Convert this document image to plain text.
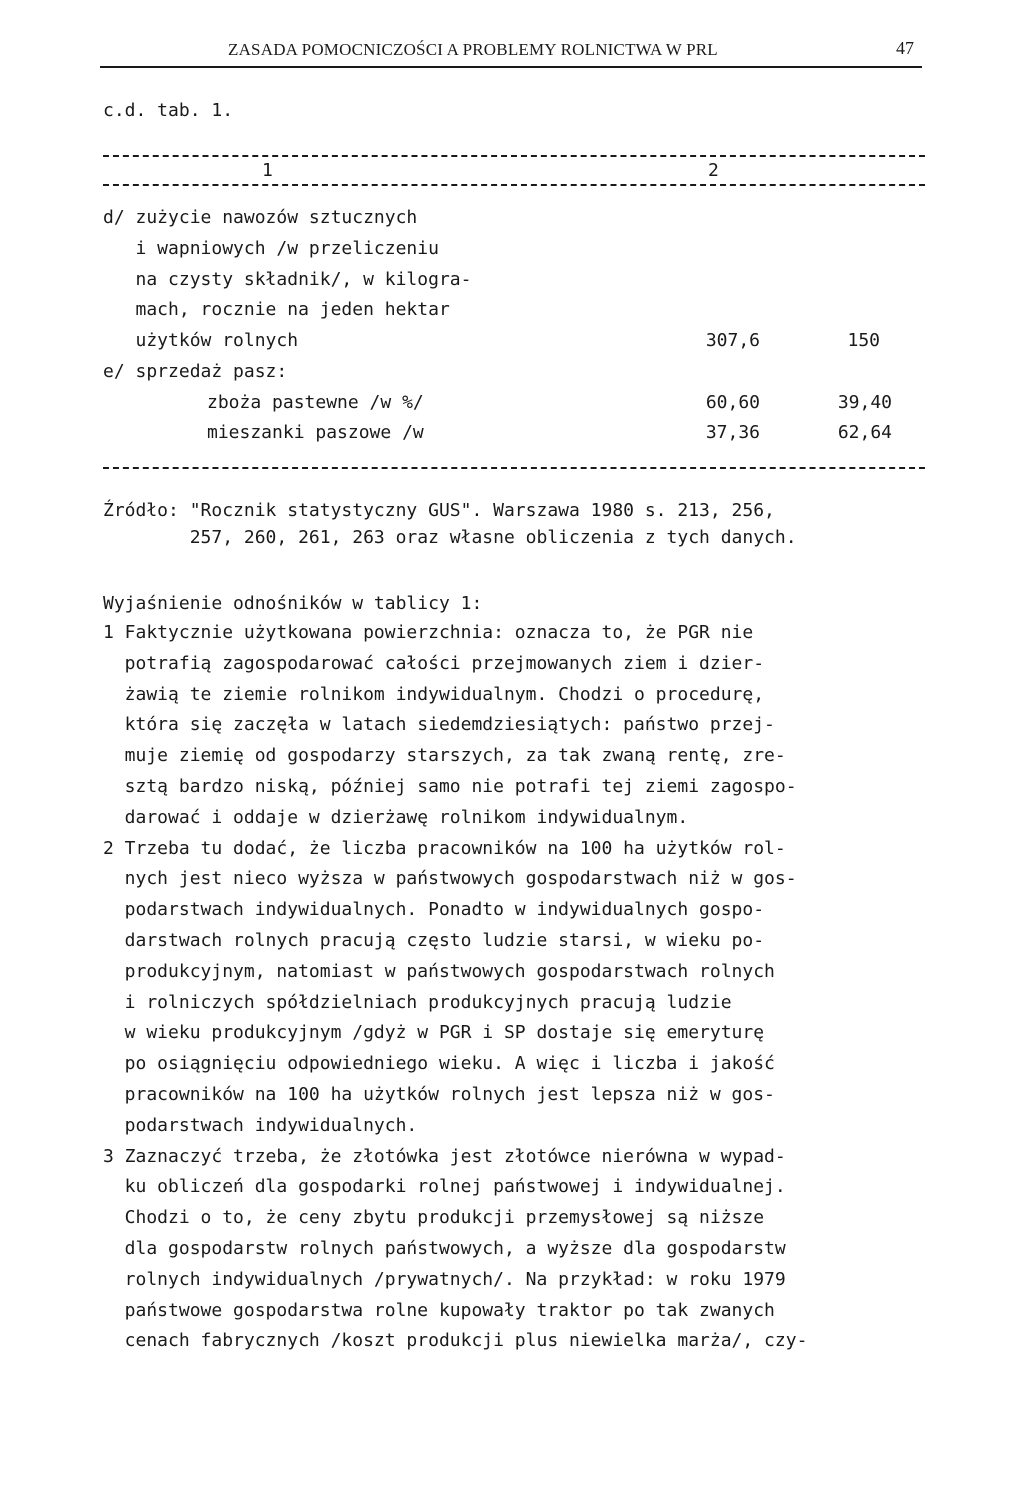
ZASADA POMOCNICZOŚCI A PROBLEMY ROLNICTWA W PRL	47
c.d. tab. 1.
1	2
d/ zużycie nawozów sztucznych
i wapniowych /w przeliczeniu
na czysty składnik/, w kilogra-
mach, rocznie na jeden hektar
użytków rolnych	307,6	150
e/ sprzedaż pasz:
zboża pastewne /w %/	60,60	39,40
mieszanki paszowe /w	37,36	62,64
Źródło: "Rocznik statystyczny GUS". Warszawa 1980 s. 213, 256,
257, 260, 261, 263 oraz własne obliczenia z tych danych.
Wyjaśnienie odnośników w tablicy 1:
1 Faktycznie użytkowana powierzchnia: oznacza to, że PGR nie
potrafią zagospodarować całości przejmowanych ziem i dzier-
żawią te ziemie rolnikom indywidualnym. Chodzi o procedurę,
która się zaczęła w latach siedemdziesiątych: państwo przej-
muje ziemię od gospodarzy starszych, za tak zwaną rentę, zre-
sztą bardzo niską, później samo nie potrafi tej ziemi zagospo-
darować i oddaje w dzierżawę rolnikom indywidualnym.
2 Trzeba tu dodać, że liczba pracowników na 100 ha użytków rol-
nych jest nieco wyższa w państwowych gospodarstwach niż w gos-
podarstwach indywidualnych. Ponadto w indywidualnych gospo-
darstwach rolnych pracują często ludzie starsi, w wieku po-
produkcyjnym, natomiast w państwowych gospodarstwach rolnych
i rolniczych spółdzielniach produkcyjnych pracują ludzie
w wieku produkcyjnym /gdyż w PGR i SP dostaje się emeryturę
po osiągnięciu odpowiedniego wieku. A więc i liczba i jakość
pracowników na 100 ha użytków rolnych jest lepsza niż w gos-
podarstwach indywidualnych.
3 Zaznaczyć trzeba, że złotówka jest złotówce nierówna w wypad-
ku obliczeń dla gospodarki rolnej państwowej i indywidualnej.
Chodzi o to, że ceny zbytu produkcji przemysłowej są niższe
dla gospodarstw rolnych państwowych, a wyższe dla gospodarstw
rolnych indywidualnych /prywatnych/. Na przykład: w roku 1979
państwowe gospodarstwa rolne kupowały traktor po tak zwanych
cenach fabrycznych /koszt produkcji plus niewielka marża/, czy-
